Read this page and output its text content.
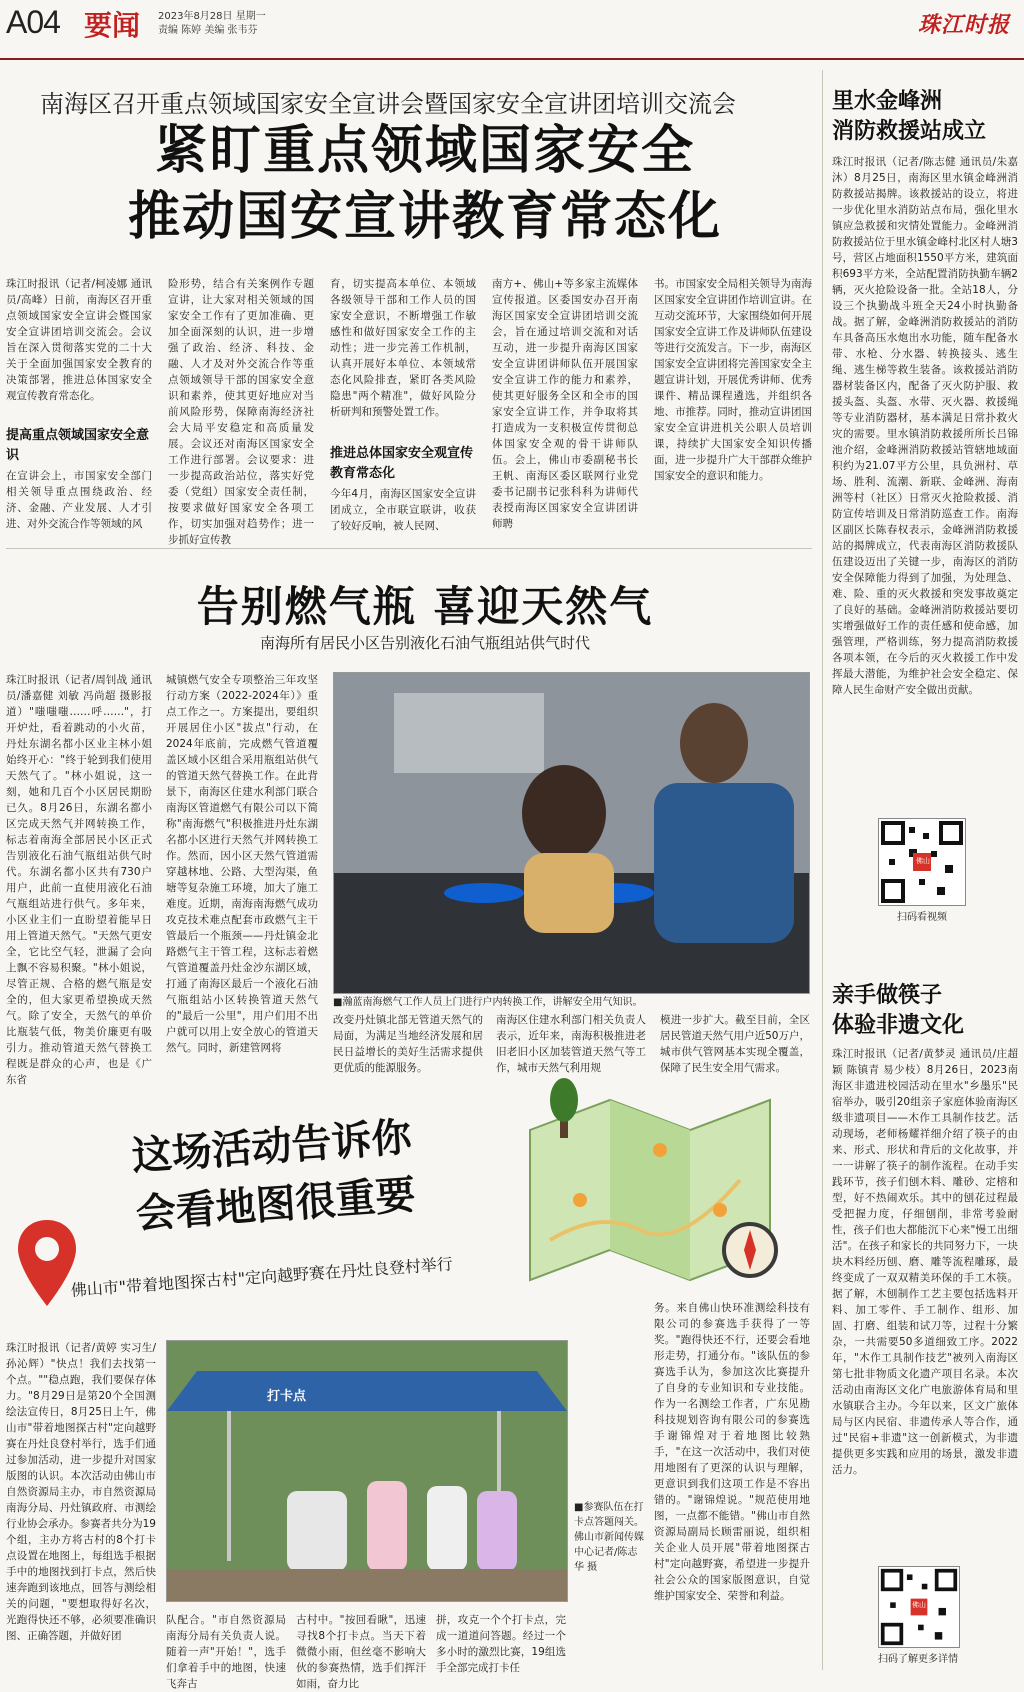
A04 要闻 2023年8月28日 星期一
责编 陈婷 美编 张韦芬	珠江时报
南海区召开重点领域国家安全宣讲会暨国家安全宣讲团培训交流会
紧盯重点领域国家安全
推动国安宣讲教育常态化
珠江时报讯（记者/柯凌娜 通讯员/高峰）日前，南海区召开重点领域国家安全宣讲会暨国家安全宣讲团培训交流会。会议旨在深入贯彻落实党的二十大关于全面加强国家安全教育的决策部署，推进总体国家安全观宣传教育常态化。
提高重点领域国家安全意识
在宣讲会上，市国家安全部门相关领导重点围绕政治、经济、金融、产业发展、人才引进、对外交流合作等领域的风
险形势，结合有关案例作专题宣讲，让大家对相关领域的国家安全工作有了更加准确、更加全面深刻的认识，进一步增强了政治、经济、科技、金融、人才及对外交流合作等重点领域领导干部的国家安全意识和素养，使其更好地应对当前风险形势，保障南海经济社会大局平安稳定和高质量发展。会议还对南海区国家安全工作进行部署。会议要求：进一步提高政治站位，落实好党委（党组）国家安全责任制，按要求做好国家安全各项工作，切实加强对趋势作；进一步抓好宣传教
育，切实提高本单位、本领域各级领导干部和工作人员的国家安全意识，不断增强工作敏感性和做好国家安全工作的主动性；进一步完善工作机制，认真开展好本单位、本领域常态化风险排查，紧盯各类风险隐患"两个精准"，做好风险分析研判和预警处置工作。
推进总体国家安全观宣传教育常态化
今年4月，南海区国家安全宣讲团成立，全市联宣联讲，收获了较好反响，被人民网、
南方+、佛山+等多家主流媒体宣传报道。区委国安办召开南海区国家安全宣讲团培训交流会，旨在通过培训交流和对话互动，进一步提升南海区国家安全宣讲团讲师队伍开展国家安全宣讲工作的能力和素养，使其更好服务全区和全市的国家安全宣讲工作，并争取将其打造成为一支积极宣传贯彻总体国家安全观的骨干讲师队伍。会上，佛山市委副秘书长王帆、南海区委区联网行业党委书记副书记张科科为讲师代表授南海区国家安全宣讲团讲师聘
书。市国家安全局相关领导为南海区国家安全宣讲团作培训宣讲。在互动交流环节，大家围绕如何开展国家安全宣讲工作及讲师队伍建设等进行交流发言。下一步，南海区国家安全宣讲团将完善国家安全主题宣讲计划，开展优秀讲师、优秀课件、精品课程遴选，并组织各地、市推荐。同时，推动宣讲团国家安全宣讲进机关公职人员培训课，持续扩大国家安全知识传播面，进一步提升广大干部群众维护国家安全的意识和能力。
告别燃气瓶 喜迎天然气
南海所有居民小区告别液化石油气瓶组站供气时代
珠江时报讯（记者/周钊战 通讯员/潘嘉健 刘敏 冯尚超 摄影报道）"嗤嗤嗤……呼……"，打开炉灶，看着跳动的小火苗，丹灶东湖名都小区业主林小姐始终开心："终于轮到我们使用天然气了。"林小姐说，这一刻，她和几百个小区居民期盼已久。8月26日，东湖名都小区完成天然气并网转换工作，标志着南海全部居民小区正式告别液化石油气瓶组站供气时代。东湖名都小区共有730户用户，此前一直使用液化石油气瓶组站进行供气。多年来，小区业主们一直盼望着能早日用上管道天然气。"天然气更安全，它比空气轻，泄漏了会向上飘不容易积聚。"林小姐说，尽管正规、合格的燃气瓶是安全的，但大家更希望换成天然气。除了安全，天然气的单价比瓶装气低，物美价廉更有吸引力。推动管道天然气替换工程既是群众的心声，也是《广东省
城镇燃气安全专项整治三年攻坚行动方案（2022-2024年）》重点工作之一。方案提出，要组织开展居住小区"拔点"行动，在2024年底前，完成燃气管道覆盖区域小区组合采用瓶组站供气的管道天然气替换工作。在此背景下，南海区住建水利部门联合南海区管道燃气有限公司以下简称"南海燃气"积极推进丹灶东湖名都小区进行天然气并网转换工作。然而，因小区天然气管道需穿越林地、公路、大型沟渠，鱼塘等复杂施工环境，加大了施工难度。近期，南海南海燃气成功攻克技术难点配套市政燃气主干管最后一个瓶颈——丹灶镇金北路燃气主干管工程，这标志着燃气管道覆盖丹灶金沙东湖区域，打通了南海区最后一个液化石油气瓶组站小区转换管道天然气的"最后一公里"，用户们用不出户就可以用上安全放心的管道天然气。同时，新建管网将
■瀚蓝南海燃气工作人员上门进行户内转换工作，讲解安全用气知识。
改变丹灶镇北部无管道天然气的局面，为满足当地经济发展和居民日益增长的美好生活需求提供更优质的能源服务。
南海区住建水利部门相关负责人表示，近年来，南海积极推进老旧老旧小区加装管道天然气等工作，城市天然气利用规
模进一步扩大。截至目前，全区居民管道天然气用户近50万户，城市供气管网基本实现全覆盖，保障了民生安全用气需求。
这场活动告诉你
会看地图很重要
佛山市"带着地图探古村"定向越野赛在丹灶良登村举行
珠江时报讯（记者/黄婷 实习生/孙沁辉）"快点！我们去找第一个点。""稳点跑，我们要保存体力。"8月29日是第20个全国测绘法宣传日，8月25日上午，佛山市"带着地图探古村"定向越野赛在丹灶良登村举行，选手们通过参加活动，进一步提升对国家版图的认识。本次活动由佛山市自然资源局主办，市自然资源局南海分局、丹灶镇政府、市测绘行业协会承办。参赛者共分为19个组，主办方将古村的8个打卡点设置在地图上，每组选手根据手中的地图找到打卡点，然后快速奔跑到该地点，回答与测绘相关的问题，"要想取得好名次，光跑得快还不够，必须要准确识图、正确答题，并做好团
打卡点
■参赛队伍在打卡点答题闯关。佛山市新闻传媒中心记者/陈志华 摄
队配合。"市自然资源局南海分局有关负责人说。随着一声"开始！"，选手们拿着手中的地图，快速飞奔古
古村中。"按回看瞅"，迅速寻找8个打卡点。当天下着微微小雨，但丝毫不影响大伙的参赛热情，选手们挥汗如雨，奋力比
拼，攻克一个个打卡点，完成一道道问答题。经过一个多小时的激烈比赛，19组选手全部完成打卡任
务。来自佛山快环准测绘科技有限公司的参赛选手获得了一等奖。"跑得快还不行，还要会看地形走势，打通分布。"该队伍的参赛选手认为，参加这次比赛提升了自身的专业知识和专业技能。作为一名测绘工作者，广东见勘科技规划咨询有限公司的参赛选手谢锦煌对于着地图比较熟手，"在这一次活动中，我们对使用地图有了更深的认识与理解，更意识到我们这项工作是不容出错的。"谢锦煌说。"规范使用地图，一点都不能错。"佛山市自然资源局副局长顾雷丽说，组织相关企业人员开展"带着地图探古村"定向越野赛，希望进一步提升社会公众的国家版图意识，自觉维护国家安全、荣誉和利益。
里水金峰洲
消防救援站成立
珠江时报讯（记者/陈志健 通讯员/朱嘉沐）8月25日，南海区里水镇金峰洲消防救援站揭牌。该救援站的设立，将进一步优化里水消防站点布局，强化里水镇应急救援和灾情处置能力。金峰洲消防救援站位于里水镇金峰村北区村人塘3号，营区占地面积1550平方米，建筑面积693平方米，全站配置消防执勤车辆2辆，灭火抢险设备一批。全站18人，分设三个执勤战斗班全天24小时执勤备战。据了解，金峰洲消防救援站的消防车具备高压水炮出水功能，随车配备水带、水枪、分水器、转换接头、逃生绳、逃生梯等救生装备。该救援站消防器材装备区内，配备了灭火防护服、救援头盔、头盔、水带、灭火器、救援绳等专业消防器材，基本满足日常扑救火灾的需要。里水镇消防救援所所长吕锦池介绍，金峰洲消防救援站管辖地域面积约为21.07平方公里，具负洲村、草场、胜利、流潮、新联、金峰洲、海南洲等村（社区）日常灭火抢险救援、消防宣传培训及日常消防巡查工作。南海区副区长陈春权表示，金峰洲消防救援站的揭牌成立，代表南海区消防救援队伍建设迈出了关键一步，南海区的消防安全保障能力得到了加强，为处理急、难、险、重的灭火救援和突发事故奠定了良好的基础。金峰洲消防救援站要切实增强做好工作的责任感和使命感，加强管理，严格训练，努力提高消防救援各项本领，在今后的灭火救援工作中发挥最大潜能，为维护社会安全稳定、保障人民生命财产安全做出贡献。
佛山
扫码看视频
亲手做筷子
体验非遗文化
珠江时报讯（记者/黄梦灵 通讯员/庄超颖 陈镇青 易少枝）8月26日，2023南海区非遗进校园活动在里水"乡墨乐"民宿举办，吸引20组亲子家庭体验南海区级非遗项目——木作工具制作技艺。活动现场，老师杨耀祥细介绍了筷子的由来、形式、形状和背后的文化故事，并一一讲解了筷子的制作流程。在动手实践环节，孩子们刨木料、雕砂、定榕和型，好不热闹欢乐。其中的刨花过程最受把握力度，仔细刨削，非常考验耐性，孩子们也大都能沉下心来"慢工出细活"。在孩子和家长的共同努力下，一块块木料经历刨、磨、雕等流程雕琢，最终变成了一双双精美环保的手工木筷。据了解，木刨制作工艺主要包括选料开料、加工零件、手工制作、组形、加固、打磨、组装和试刀等，过程十分繁杂，一共需要50多道细致工序。2022年，"木作工具制作技艺"被列入南海区第七批非物质文化遗产项目名录。本次活动由南海区文化广电旅游体育局和里水镇联合主办。今年以来，区文广旅体局与区内民宿、非遗传承人等合作，通过"民宿+非遗"这一创新模式，为非遗提供更多实践和应用的场景，激发非遗活力。
佛山
扫码了解更多详情
